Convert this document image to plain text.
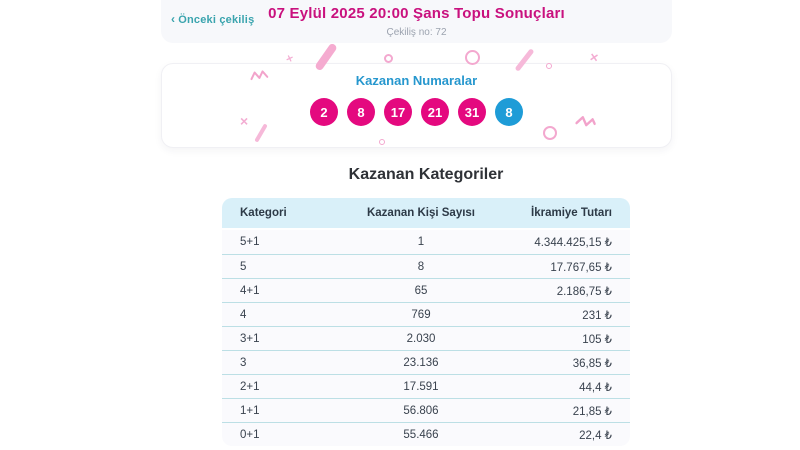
‹ Önceki çekiliş 07 Eylül 2025 20:00 Şans Topu Sonuçları
Çekiliş no: 72
Kazanan Numaralar
2	8	17	21	31	8
×	×
×
Kazanan Kategoriler
Kategori	Kazanan Kişi Sayısı	İkramiye Tutarı
5+1	1	4.344.425,15 ₺
5	8	17.767,65 ₺
4+1	65	2.186,75 ₺
4	769	231 ₺
3+1	2.030	105 ₺
3	23.136	36,85 ₺
2+1	17.591	44,4 ₺
1+1	56.806	21,85 ₺
0+1	55.466	22,4 ₺
